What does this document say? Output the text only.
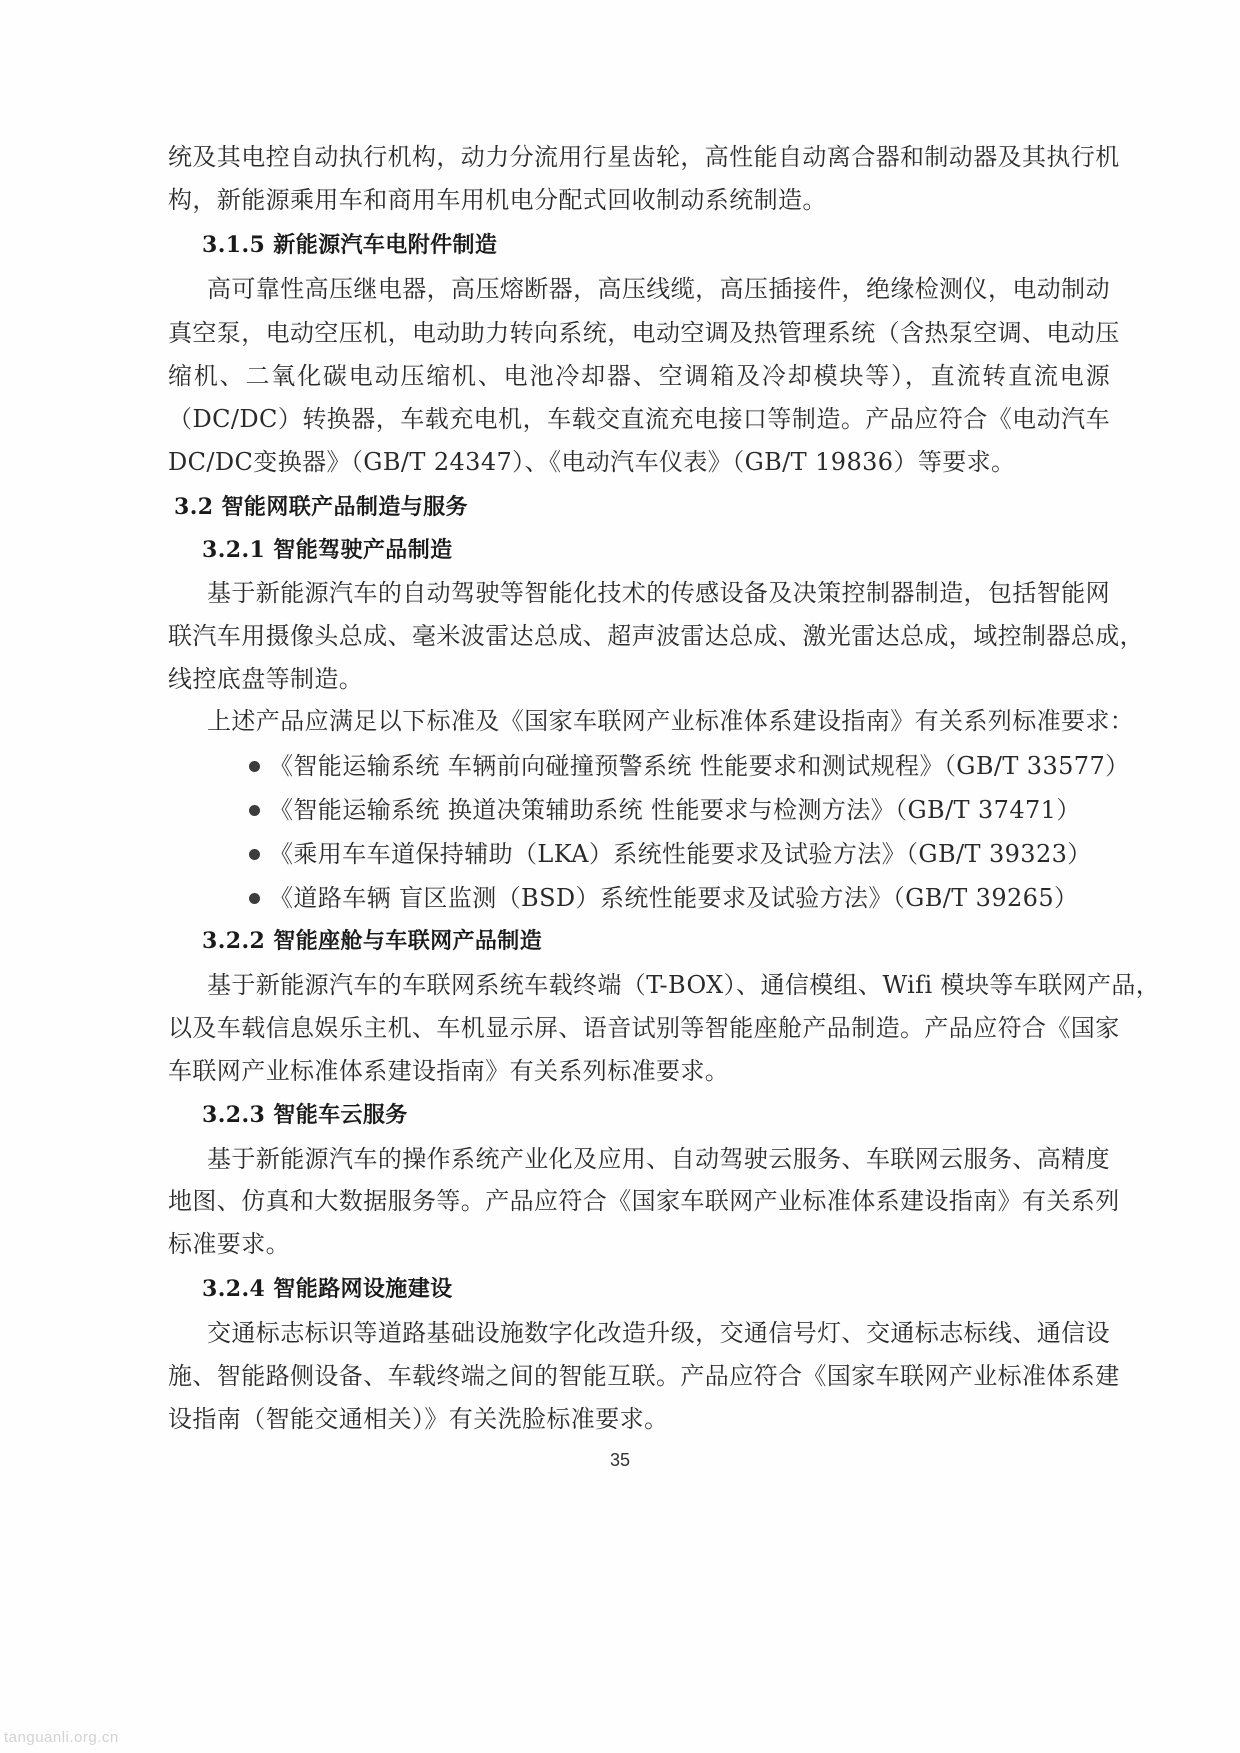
统及其电控自动执行机构，动力分流用行星齿轮，高性能自动离合器和制动器及其执行机
构，新能源乘用车和商用车用机电分配式回收制动系统制造。
3.1.5 新能源汽车电附件制造
高可靠性高压继电器，高压熔断器，高压线缆，高压插接件，绝缘检测仪，电动制动
真空泵，电动空压机，电动助力转向系统，电动空调及热管理系统（含热泵空调、电动压
缩机、二氧化碳电动压缩机、电池冷却器、空调箱及冷却模块等），直流转直流电源
（DC/DC）转换器，车载充电机，车载交直流充电接口等制造。产品应符合《电动汽车
DC/DC变换器》（GB/T 24347）、《电动汽车仪表》（GB/T 19836）等要求。
3.2 智能网联产品制造与服务
3.2.1 智能驾驶产品制造
基于新能源汽车的自动驾驶等智能化技术的传感设备及决策控制器制造，包括智能网
联汽车用摄像头总成、毫米波雷达总成、超声波雷达总成、激光雷达总成，域控制器总成，
线控底盘等制造。
上述产品应满足以下标准及《国家车联网产业标准体系建设指南》有关系列标准要求：
《智能运输系统 车辆前向碰撞预警系统 性能要求和测试规程》（GB/T 33577）
《智能运输系统 换道决策辅助系统 性能要求与检测方法》（GB/T 37471）
《乘用车车道保持辅助（LKA）系统性能要求及试验方法》（GB/T 39323）
《道路车辆 盲区监测（BSD）系统性能要求及试验方法》（GB/T 39265）
3.2.2 智能座舱与车联网产品制造
基于新能源汽车的车联网系统车载终端（T-BOX）、通信模组、Wifi 模块等车联网产品，
以及车载信息娱乐主机、车机显示屏、语音试别等智能座舱产品制造。产品应符合《国家
车联网产业标准体系建设指南》有关系列标准要求。
3.2.3 智能车云服务
基于新能源汽车的操作系统产业化及应用、自动驾驶云服务、车联网云服务、高精度
地图、仿真和大数据服务等。产品应符合《国家车联网产业标准体系建设指南》有关系列
标准要求。
3.2.4 智能路网设施建设
交通标志标识等道路基础设施数字化改造升级，交通信号灯、交通标志标线、通信设
施、智能路侧设备、车载终端之间的智能互联。产品应符合《国家车联网产业标准体系建
设指南（智能交通相关）》有关洗脸标准要求。
35
tanguanli.org.cn
